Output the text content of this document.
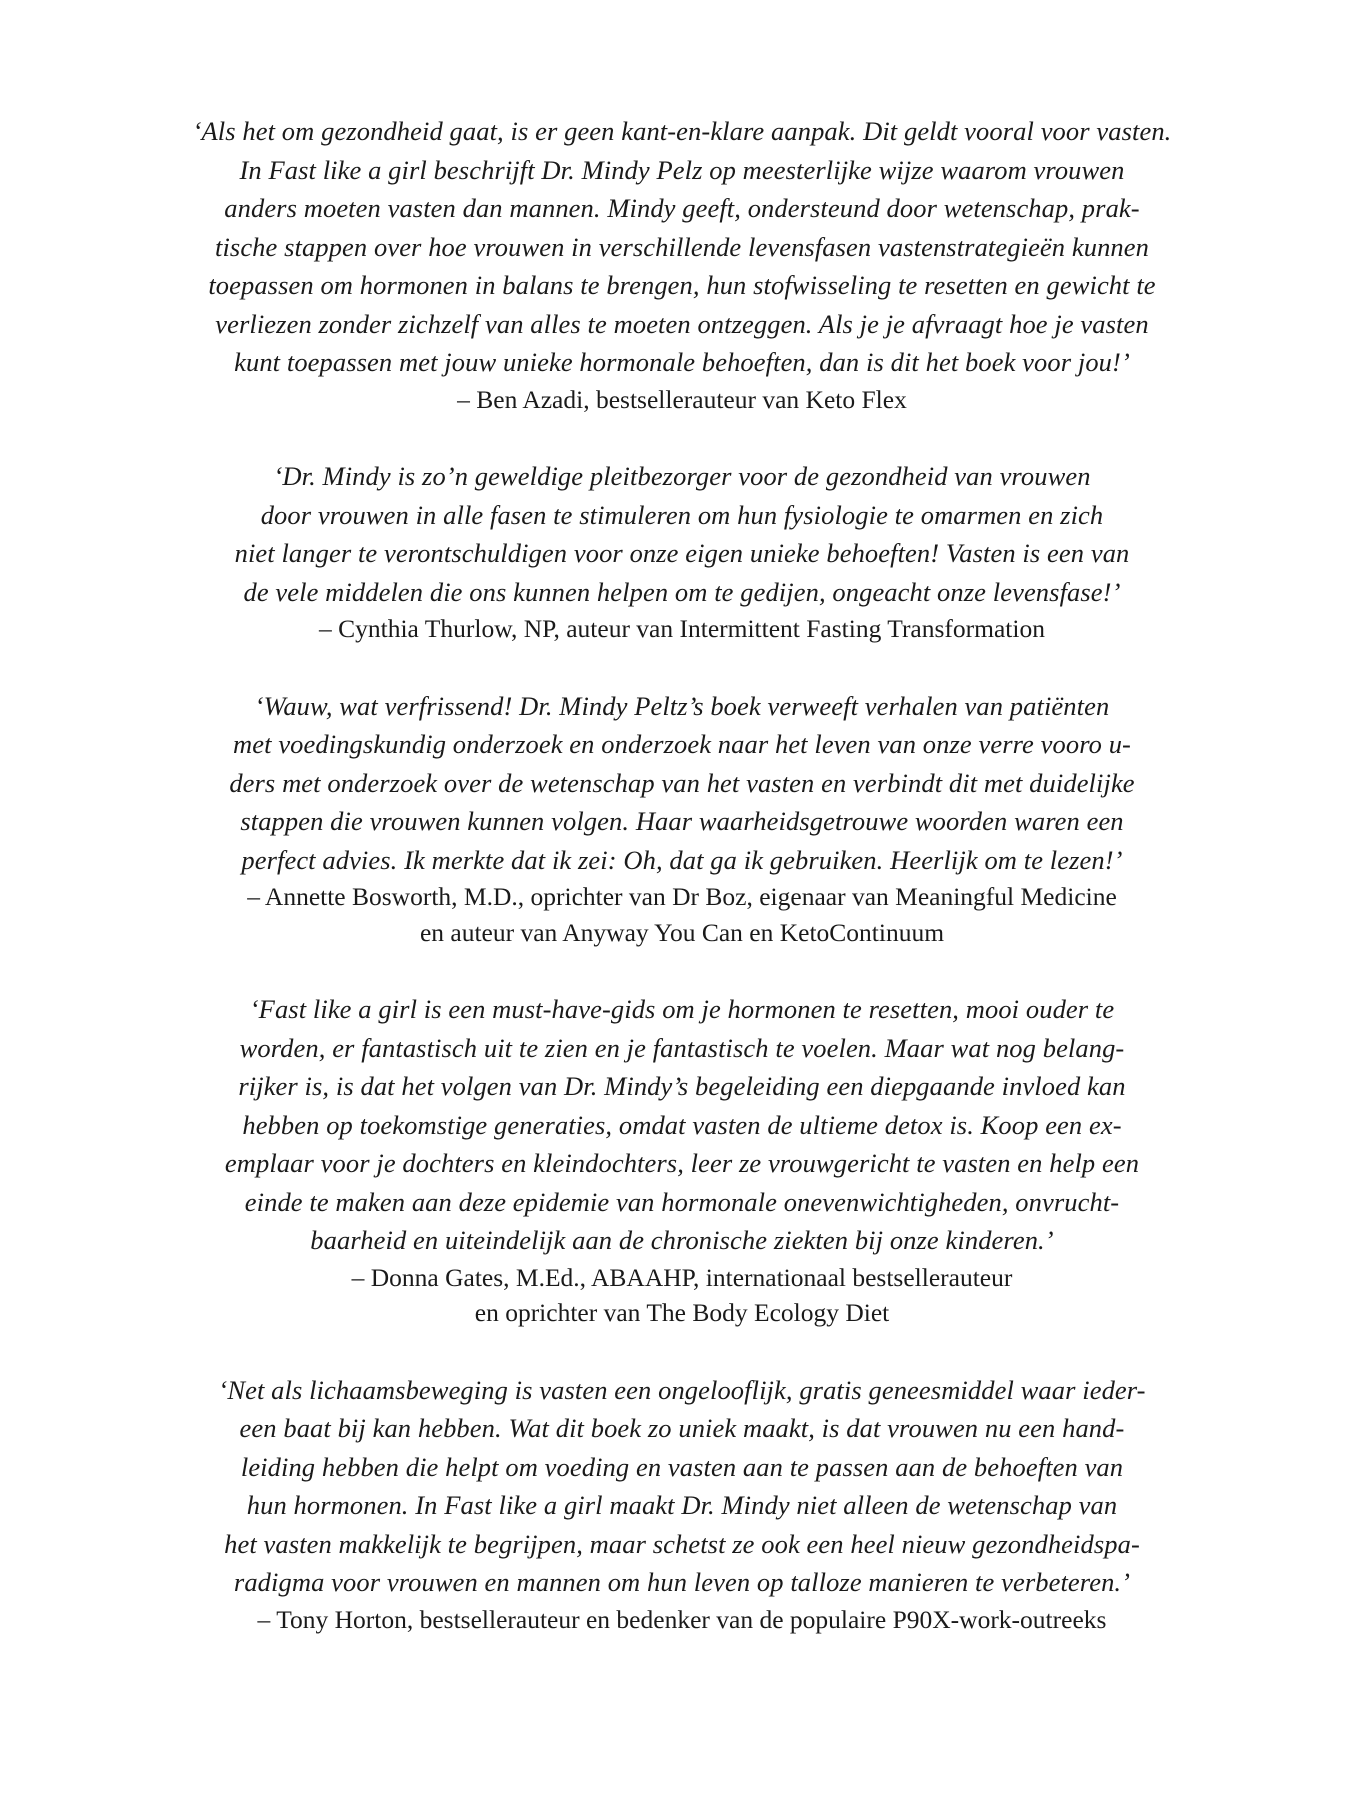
‘Als het om gezondheid gaat, is er geen kant-en-klare aanpak. Dit geldt vooral voor vasten.
In Fast like a girl beschrijft Dr. Mindy Pelz op meesterlijke wijze waarom vrouwen
anders moeten vasten dan mannen. Mindy geeft, ondersteund door wetenschap, prak-
tische stappen over hoe vrouwen in verschillende levensfasen vastenstrategieën kunnen
toepassen om hormonen in balans te brengen, hun stofwisseling te resetten en gewicht te
verliezen zonder zichzelf van alles te moeten ontzeggen. Als je je afvraagt hoe je vasten
kunt toepassen met jouw unieke hormonale behoeften, dan is dit het boek voor jou!’
– Ben Azadi, bestsellerauteur van Keto Flex
‘Dr. Mindy is zo’n geweldige pleitbezorger voor de gezondheid van vrouwen
door vrouwen in alle fasen te stimuleren om hun fysiologie te omarmen en zich
niet langer te verontschuldigen voor onze eigen unieke behoeften! Vasten is een van
de vele middelen die ons kunnen helpen om te gedijen, ongeacht onze levensfase!’
– Cynthia Thurlow, NP, auteur van Intermittent Fasting Transformation
‘Wauw, wat verfrissend! Dr. Mindy Peltz’s boek verweeft verhalen van patiënten
met voedingskundig onderzoek en onderzoek naar het leven van onze verre vooro u-
ders met onderzoek over de wetenschap van het vasten en verbindt dit met duidelijke
stappen die vrouwen kunnen volgen. Haar waarheidsgetrouwe woorden waren een
perfect advies. Ik merkte dat ik zei: Oh, dat ga ik gebruiken. Heerlijk om te lezen!’
– Annette Bosworth, M.D., oprichter van Dr Boz, eigenaar van Meaningful Medicine
en auteur van Anyway You Can en KetoContinuum
‘Fast like a girl is een must-have-gids om je hormonen te resetten, mooi ouder te
worden, er fantastisch uit te zien en je fantastisch te voelen. Maar wat nog belang-
rijker is, is dat het volgen van Dr. Mindy’s begeleiding een diepgaande invloed kan
hebben op toekomstige generaties, omdat vasten de ultieme detox is. Koop een ex-
emplaar voor je dochters en kleindochters, leer ze vrouwgericht te vasten en help een
einde te maken aan deze epidemie van hormonale onevenwichtigheden, onvrucht-
baarheid en uiteindelijk aan de chronische ziekten bij onze kinderen.’
– Donna Gates, M.Ed., ABAAHP, internationaal bestsellerauteur
en oprichter van The Body Ecology Diet
‘Net als lichaamsbeweging is vasten een ongelooflijk, gratis geneesmiddel waar ieder-
een baat bij kan hebben. Wat dit boek zo uniek maakt, is dat vrouwen nu een hand-
leiding hebben die helpt om voeding en vasten aan te passen aan de behoeften van
hun hormonen. In Fast like a girl maakt Dr. Mindy niet alleen de wetenschap van
het vasten makkelijk te begrijpen, maar schetst ze ook een heel nieuw gezondheidspa-
radigma voor vrouwen en mannen om hun leven op talloze manieren te verbeteren.’
– Tony Horton, bestsellerauteur en bedenker van de populaire P90X-work-outreeks
